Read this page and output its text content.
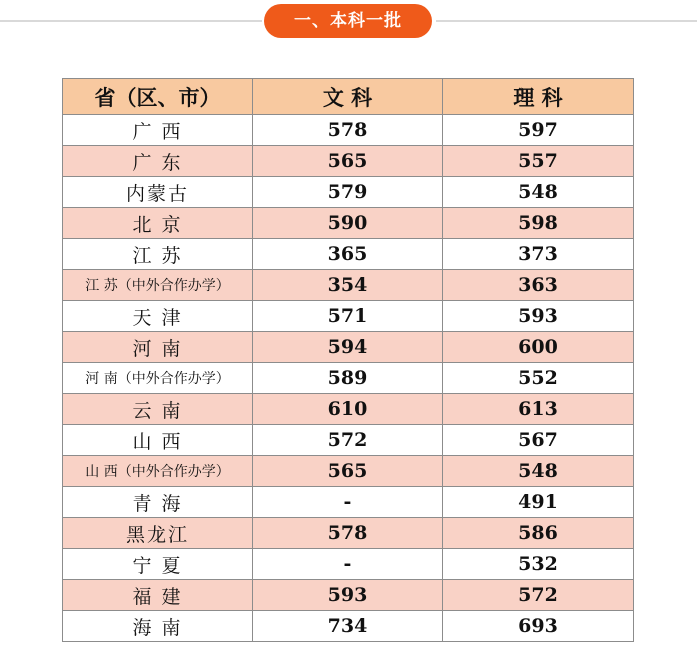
一、本科一批
省（区、市）	文 科	理 科
广 西	578	597
广 东	565	557
内蒙古	579	548
北 京	590	598
江 苏	365	373
江 苏（中外合作办学）	354	363
天 津	571	593
河 南	594	600
河 南（中外合作办学）	589	552
云 南	610	613
山 西	572	567
山 西（中外合作办学）	565	548
青 海	-	491
黑龙江	578	586
宁 夏	-	532
福 建	593	572
海 南	734	693
